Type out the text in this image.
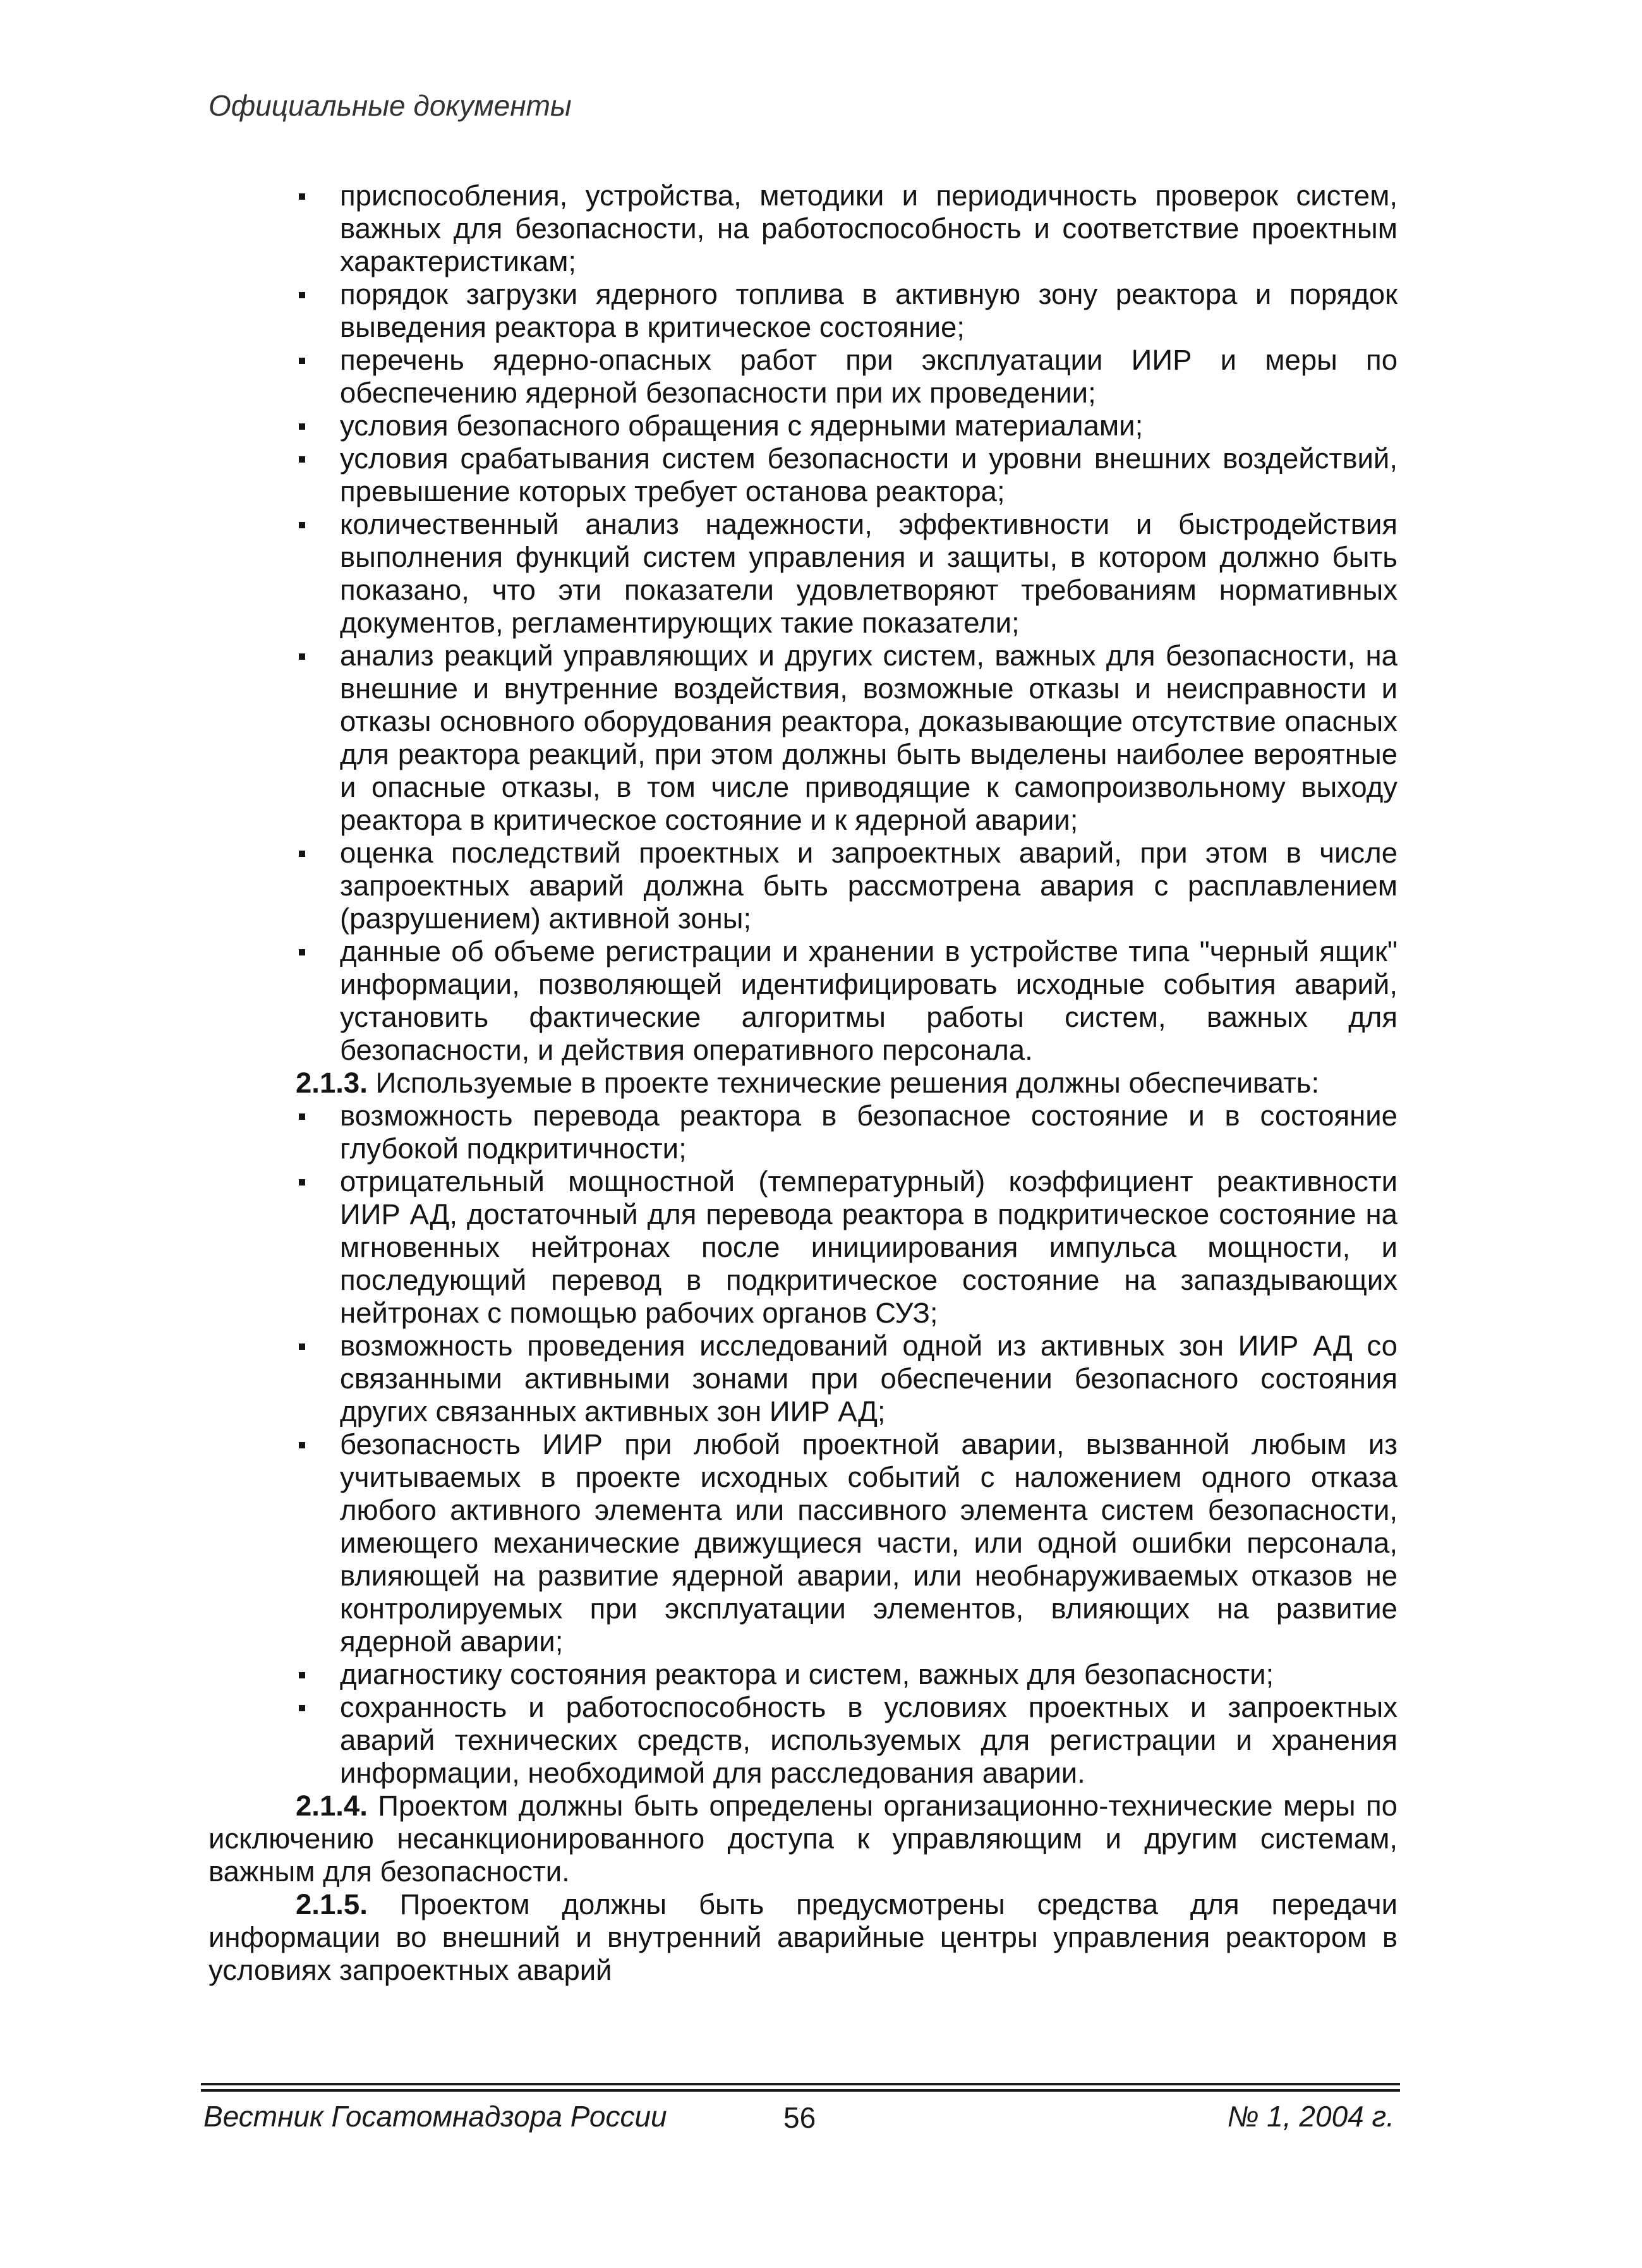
Официальные документы
приспособления, устройства, методики и периодичность проверок систем, важных для безопасности, на работоспособность и соответствие проектным характеристикам;
порядок загрузки ядерного топлива в активную зону реактора и порядок выведения реактора в критическое состояние;
перечень ядерно-опасных работ при эксплуатации ИИР и меры по обеспечению ядерной безопасности при их проведении;
условия безопасного обращения с ядерными материалами;
условия срабатывания систем безопасности и уровни внешних воздействий, превышение которых требует останова реактора;
количественный анализ надежности, эффективности и быстродействия выполнения функций систем управления и защиты, в котором должно быть показано, что эти показатели удовлетворяют требованиям нормативных документов, регламентирующих такие показатели;
анализ реакций управляющих и других систем, важных для безопасности, на внешние и внутренние воздействия, возможные отказы и неисправности и отказы основного оборудования реактора, доказывающие отсутствие опасных для реактора реакций, при этом должны быть выделены наиболее вероятные и опасные отказы, в том числе приводящие к самопроизвольному выходу реактора в критическое состояние и к ядерной аварии;
оценка последствий проектных и запроектных аварий, при этом в числе запроектных аварий должна быть рассмотрена авария с расплавлением (разрушением) активной зоны;
данные об объеме регистрации и хранении в устройстве типа "черный ящик" информации, позволяющей идентифицировать исходные события аварий, установить фактические алгоритмы работы систем, важных для безопасности, и действия оперативного персонала.

2.1.3. Используемые в проекте технические решения должны обеспечивать:

возможность перевода реактора в безопасное состояние и в состояние глубокой подкритичности;
отрицательный мощностной (температурный) коэффициент реактивности ИИР АД, достаточный для перевода реактора в подкритическое состояние на мгновенных нейтронах после инициирования импульса мощности, и последующий перевод в подкритическое состояние на запаздывающих нейтронах с помощью рабочих органов СУЗ;
возможность проведения исследований одной из активных зон ИИР АД со связанными активными зонами при обеспечении безопасного состояния других связанных активных зон ИИР АД;
безопасность ИИР при любой проектной аварии, вызванной любым из учитываемых в проекте исходных событий с наложением одного отказа любого активного элемента или пассивного элемента систем безопасности, имеющего механические движущиеся части, или одной ошибки персонала, влияющей на развитие ядерной аварии, или необнаруживаемых отказов не контролируемых при эксплуатации элементов, влияющих на развитие ядерной аварии;
диагностику состояния реактора и систем, важных для безопасности;
сохранность и работоспособность в условиях проектных и запроектных аварий технических средств, используемых для регистрации и хранения информации, необходимой для расследования аварии.

2.1.4. Проектом должны быть определены организационно-технические меры по исключению несанкционированного доступа к управляющим и другим системам, важным для безопасности.

2.1.5. Проектом должны быть предусмотрены средства для передачи информации во внешний и внутренний аварийные центры управления реактором в условиях запроектных аварий

Вестник Госатомнадзора России	56	№ 1, 2004 г.
